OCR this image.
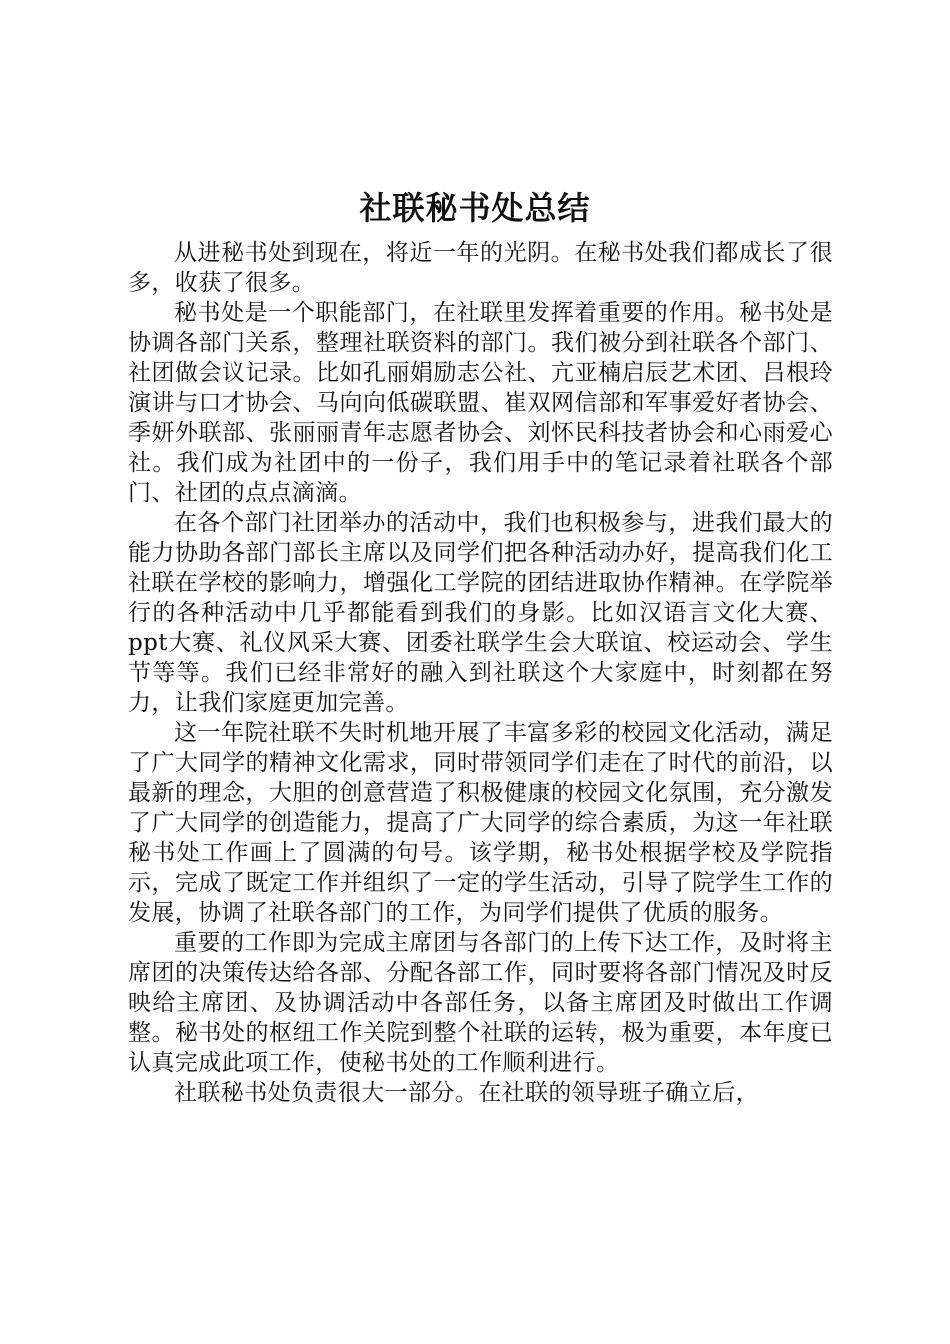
社联秘书处总结

从进秘书处到现在，将近一年的光阴。在秘书处我们都成长了很多，收获了很多。

秘书处是一个职能部门，在社联里发挥着重要的作用。秘书处是协调各部门关系，整理社联资料的部门。我们被分到社联各个部门、社团做会议记录。比如孔丽娟励志公社、亢亚楠启辰艺术团、吕根玲演讲与口才协会、马向向低碳联盟、崔双网信部和军事爱好者协会、季妍外联部、张丽丽青年志愿者协会、刘怀民科技者协会和心雨爱心社。我们成为社团中的一份子，我们用手中的笔记录着社联各个部门、社团的点点滴滴。

在各个部门社团举办的活动中，我们也积极参与，进我们最大的能力协助各部门部长主席以及同学们把各种活动办好，提高我们化工社联在学校的影响力，增强化工学院的团结进取协作精神。在学院举行的各种活动中几乎都能看到我们的身影。比如汉语言文化大赛、ppt大赛、礼仪风采大赛、团委社联学生会大联谊、校运动会、学生节等等。我们已经非常好的融入到社联这个大家庭中，时刻都在努力，让我们家庭更加完善。

这一年院社联不失时机地开展了丰富多彩的校园文化活动，满足了广大同学的精神文化需求，同时带领同学们走在了时代的前沿，以最新的理念，大胆的创意营造了积极健康的校园文化氛围，充分激发了广大同学的创造能力，提高了广大同学的综合素质，为这一年社联秘书处工作画上了圆满的句号。该学期，秘书处根据学校及学院指示，完成了既定工作并组织了一定的学生活动，引导了院学生工作的发展，协调了社联各部门的工作，为同学们提供了优质的服务。

重要的工作即为完成主席团与各部门的上传下达工作，及时将主席团的决策传达给各部、分配各部工作，同时要将各部门情况及时反映给主席团、及协调活动中各部任务，以备主席团及时做出工作调整。秘书处的枢纽工作关院到整个社联的运转，极为重要，本年度已认真完成此项工作，使秘书处的工作顺利进行。

社联秘书处负责很大一部分。在社联的领导班子确立后，
